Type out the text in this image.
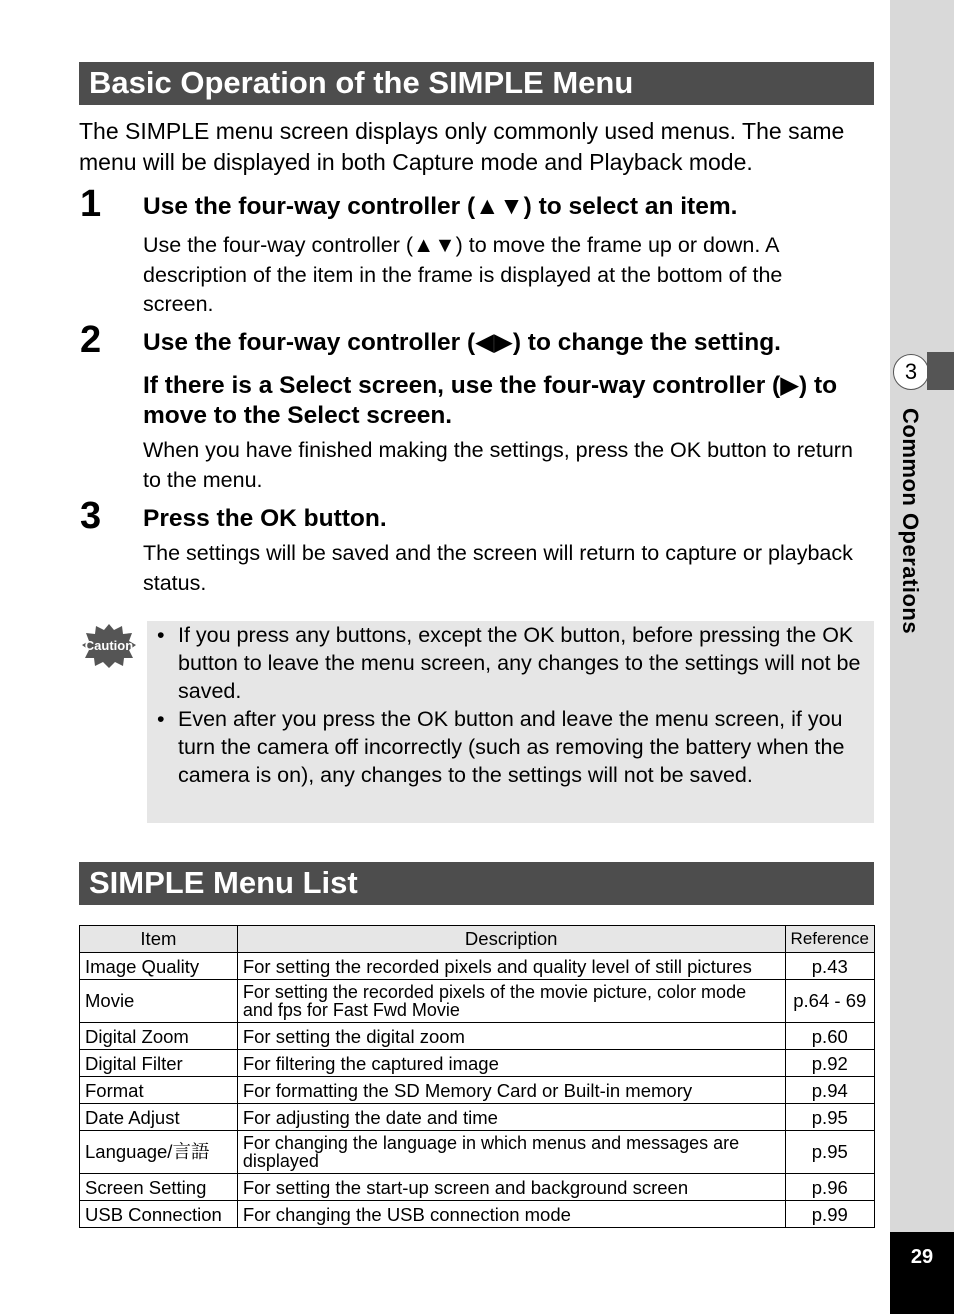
3
Common Operations
29
Basic Operation of the SIMPLE Menu

The SIMPLE menu screen displays only commonly used menus. The same menu will be displayed in both Capture mode and Playback mode.

1 Use the four-way controller (▲▼) to select an item.
Use the four-way controller (▲▼) to move the frame up or down. A description of the item in the frame is displayed at the bottom of the screen.
2 Use the four-way controller (◀▶) to change the setting.
If there is a Select screen, use the four-way controller (▶) to move to the Select screen.
When you have finished making the settings, press the OK button to return to the menu.
3 Press the OK button.
The settings will be saved and the screen will return to capture or playback status.
Caution • If you press any buttons, except the OK button, before pressing the OK button to leave the menu screen, any changes to the settings will not be saved.
• Even after you press the OK button and leave the menu screen, if you turn the camera off incorrectly (such as removing the battery when the camera is on), any changes to the settings will not be saved.
SIMPLE Menu List
Item	Description	Reference
Image Quality	For setting the recorded pixels and quality level of still pictures	p.43
Movie	For setting the recorded pixels of the movie picture, color mode and fps for Fast Fwd Movie	p.64 - 69
Digital Zoom	For setting the digital zoom	p.60
Digital Filter	For filtering the captured image	p.92
Format	For formatting the SD Memory Card or Built-in memory	p.94
Date Adjust	For adjusting the date and time	p.95
Language/言語	For changing the language in which menus and messages are displayed	p.95
Screen Setting	For setting the start-up screen and background screen	p.96
USB Connection	For changing the USB connection mode	p.99
